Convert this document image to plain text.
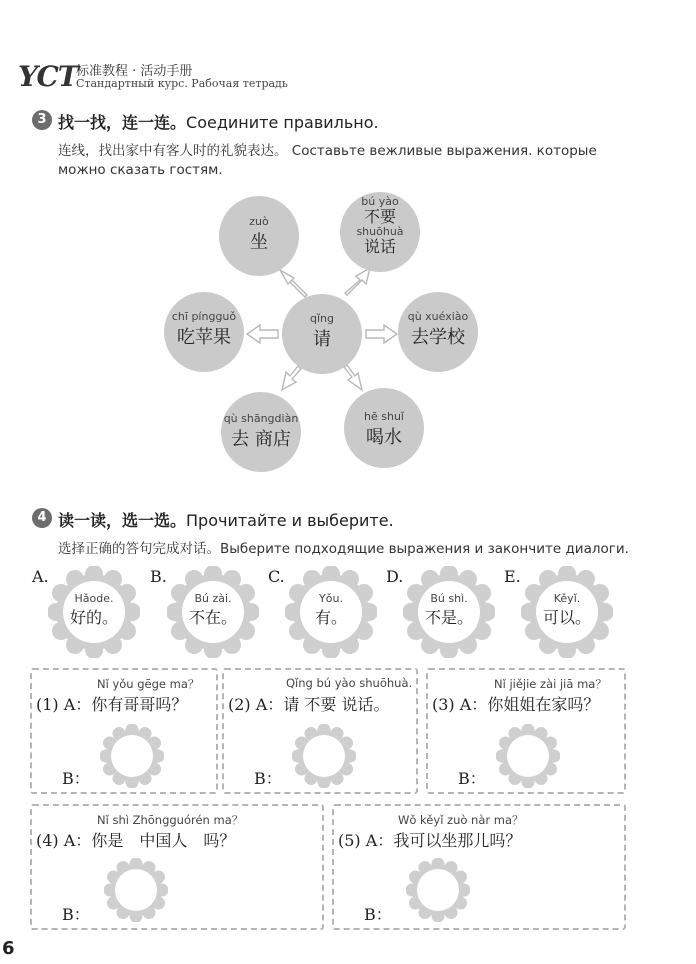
YCT
标准教程 · 活动手册
Стандартный курс. Рабочая тетрадь
3 找一找，连一连。Соедините правильно.
连线，找出家中有客人时的礼貌表达。 Составьте вежливые выражения. которые
можно сказать гостям.
zuò
坐
bú yào
不要
shuōhuà
说话
chī píngguǒ
吃苹果
qǐng
请
qù xuéxiào
去学校
qù shāngdiàn
去 商店
hē shuǐ
喝水
4 读一读，选一选。Прочитайте и выберите.
选择正确的答句完成对话。Выберите подходящие выражения и закончите диалоги.
A.
Hǎode.
好的。
B.
Bú zài.
不在。
C.
Yǒu.
有。
D.
Bú shì.
不是。
E.
Kěyǐ.
可以。
Nǐ yǒu gēge ma？
(1) A：你有哥哥吗？
B：
Qǐng bú yào shuōhuà.
(2) A：请 不要 说话。
B：
Nǐ jiějie zài jiā ma？
(3) A：你姐姐在家吗？
B：
Nǐ shì Zhōngguórén ma？
(4) A：你是　中国人　吗？
B：
Wǒ kěyǐ zuò nàr ma？
(5) A：我可以坐那儿吗？
B：
6
